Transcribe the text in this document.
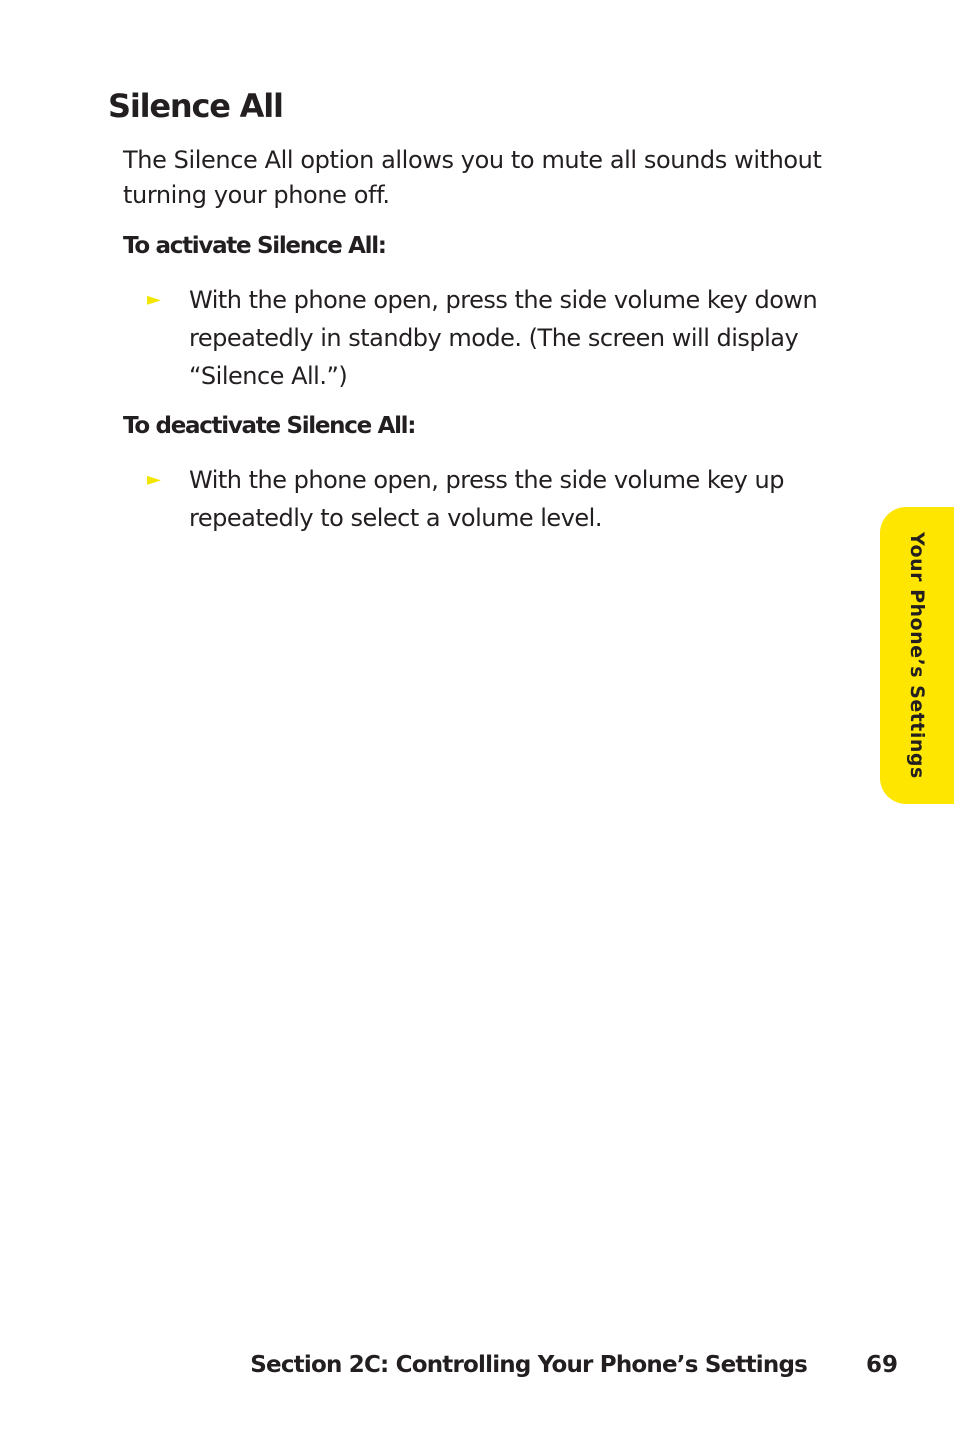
Silence All

The Silence All option allows you to mute all sounds without turning your phone off.

To activate Silence All:
►	With the phone open, press the side volume key down repeatedly in standby mode. (The screen will display “Silence All.”)
To deactivate Silence All:
►	With the phone open, press the side volume key up repeatedly to select a volume level.
Your Phone’s Settings
Section 2C: Controlling Your Phone’s Settings	69
